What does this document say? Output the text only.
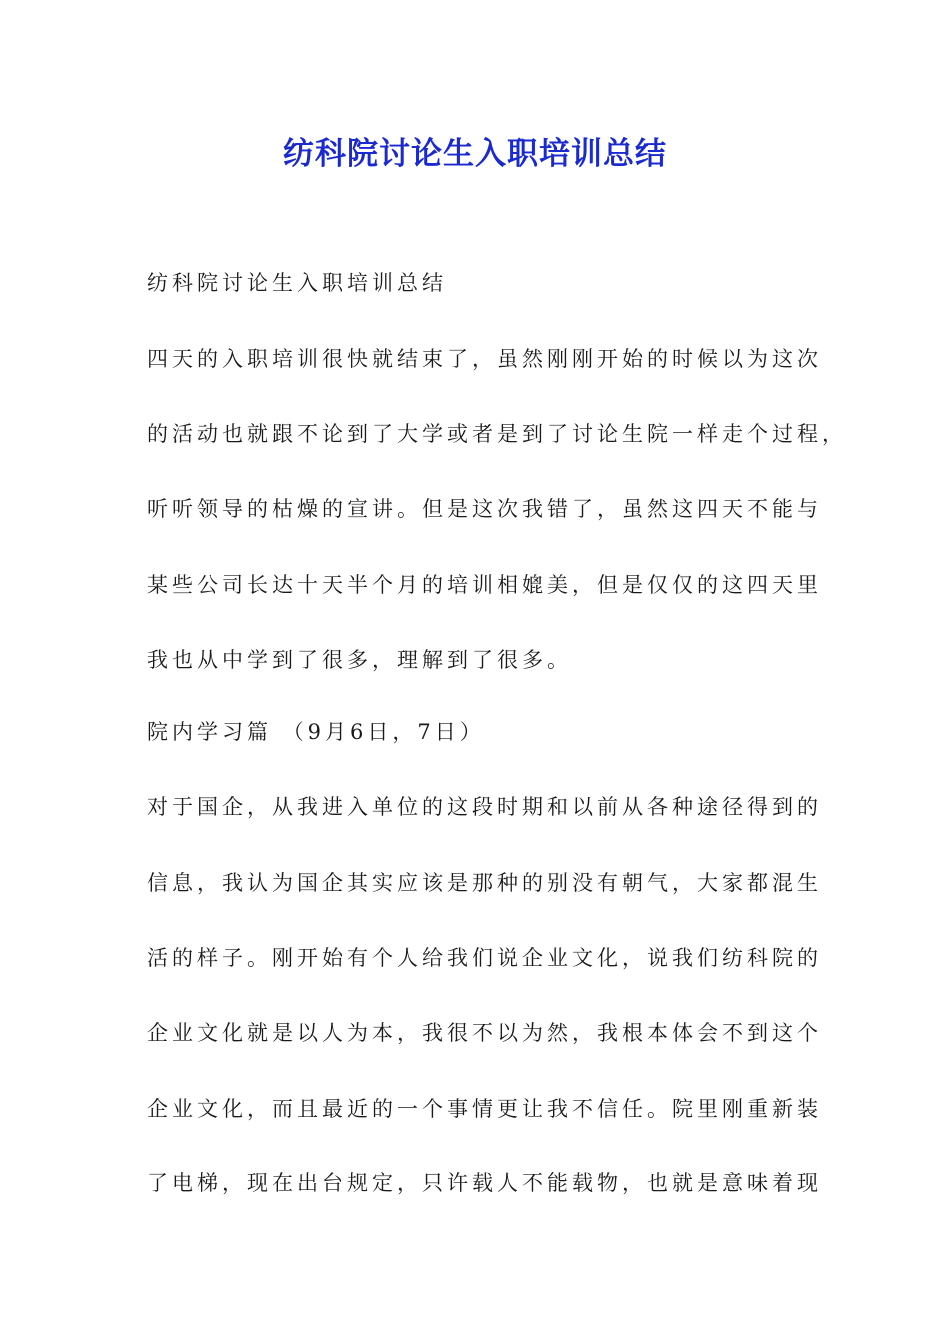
纺科院讨论生入职培训总结

纺科院讨论生入职培训总结

四天的入职培训很快就结束了，虽然刚刚开始的时候以为这次

的活动也就跟不论到了大学或者是到了讨论生院一样走个过程，

听听领导的枯燥的宣讲。但是这次我错了，虽然这四天不能与

某些公司长达十天半个月的培训相媲美，但是仅仅的这四天里

我也从中学到了很多，理解到了很多。

院内学习篇 （9月6日，7日）

对于国企，从我进入单位的这段时期和以前从各种途径得到的

信息，我认为国企其实应该是那种的别没有朝气，大家都混生

活的样子。刚开始有个人给我们说企业文化，说我们纺科院的

企业文化就是以人为本，我很不以为然，我根本体会不到这个

企业文化，而且最近的一个事情更让我不信任。院里刚重新装

了电梯，现在出台规定，只许载人不能载物，也就是意味着现
